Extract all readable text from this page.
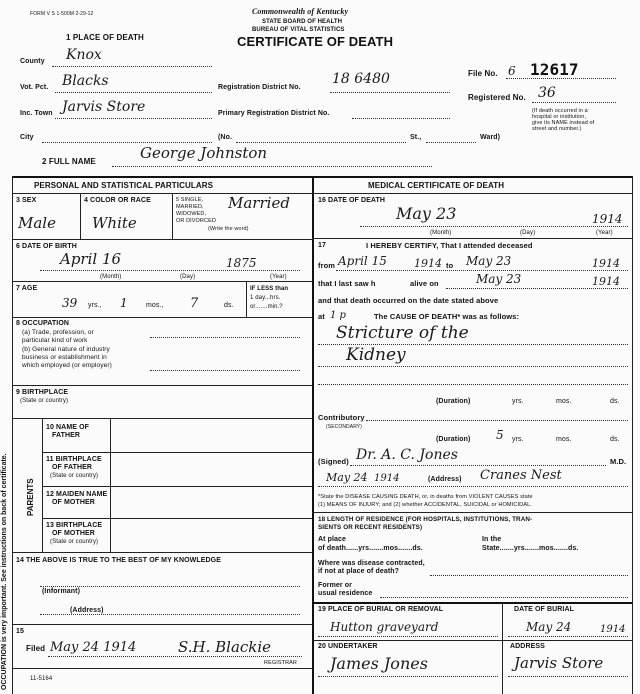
FORM V S 1-500M 2-29-12	Commonwealth of Kentucky
STATE BOARD OF HEALTH
BUREAU OF VITAL STATISTICS
CERTIFICATE OF DEATH
1 PLACE OF DEATH
County Knox
Vot. Pct. Blacks
Inc. Town Jarvis Store
City
Registration District No.
18 6480
Primary Registration District No.
(No.	St.,	Ward)
File No. 6 12617
Registered No. 36
(If death occurred in a
hospital or institution,
give its NAME instead of
street and number.)
2 FULL NAME	George Johnston
PERSONAL AND STATISTICAL PARTICULARS	MEDICAL CERTIFICATE OF DEATH
3 SEX
Male
4 COLOR OR RACE
White
5 SINGLE,
MARRIED,
WIDOWED,
OR DIVORCED
(Write the word)
Married
6 DATE OF BIRTH
April 16	1875
(Month)	(Day)	(Year)
7 AGE
39 yrs., 1	mos., 7	ds.
IF LESS than
1 day...hrs.
or.......min.?
8 OCCUPATION
(a) Trade, profession, or
particular kind of work
(b) General nature of industry
business or establishment in
which employed (or employer)
9 BIRTHPLACE
(State or country)
PARENTS
10 NAME OF
FATHER
11 BIRTHPLACE
OF FATHER
(State or country)
12 MAIDEN NAME
OF MOTHER
13 BIRTHPLACE
OF MOTHER
(State or country)
14 THE ABOVE IS TRUE TO THE BEST OF MY KNOWLEDGE
(Informant)
(Address)
15
Filed May 24 1914	S.H. Blackie
REGISTRAR
11-5164
OCCUPATION is very important. See instructions on back of certificate.
16 DATE OF DEATH
May 23	1914
(Month)	(Day)	(Year)
17	I HEREBY CERTIFY, That I attended deceased
from April 15 1914 to May 23	1914
that I last saw h	alive on	May 23	1914
and that death occurred on the date stated above
at 1 p	The CAUSE OF DEATH* was as follows:
Stricture of the
Kidney
(Duration)	yrs.	mos.	ds.
Contributory
(SECONDARY)
(Duration) 5 yrs.	mos.	ds.
(Signed) Dr. A. C. Jones	M.D.
May 24 1914	(Address) Cranes Nest
*State the DISEASE CAUSING DEATH, or, in deaths from VIOLENT CAUSES state
(1) MEANS OF INJURY; and (2) whether ACCIDENTAL, SUICIDAL or HOMICIDAL.
18 LENGTH OF RESIDENCE (FOR HOSPITALS, INSTITUTIONS, TRAN-
SIENTS OR RECENT RESIDENTS)
At place
of death......yrs.......mos.......ds.
In the
State.......yrs.......mos.......ds.
Where was disease contracted,
if not at place of death?
Former or
usual residence
19 PLACE OF BURIAL OR REMOVAL
Hutton graveyard
DATE OF BURIAL
May 24	1914
20 UNDERTAKER
James Jones
ADDRESS
Jarvis Store
